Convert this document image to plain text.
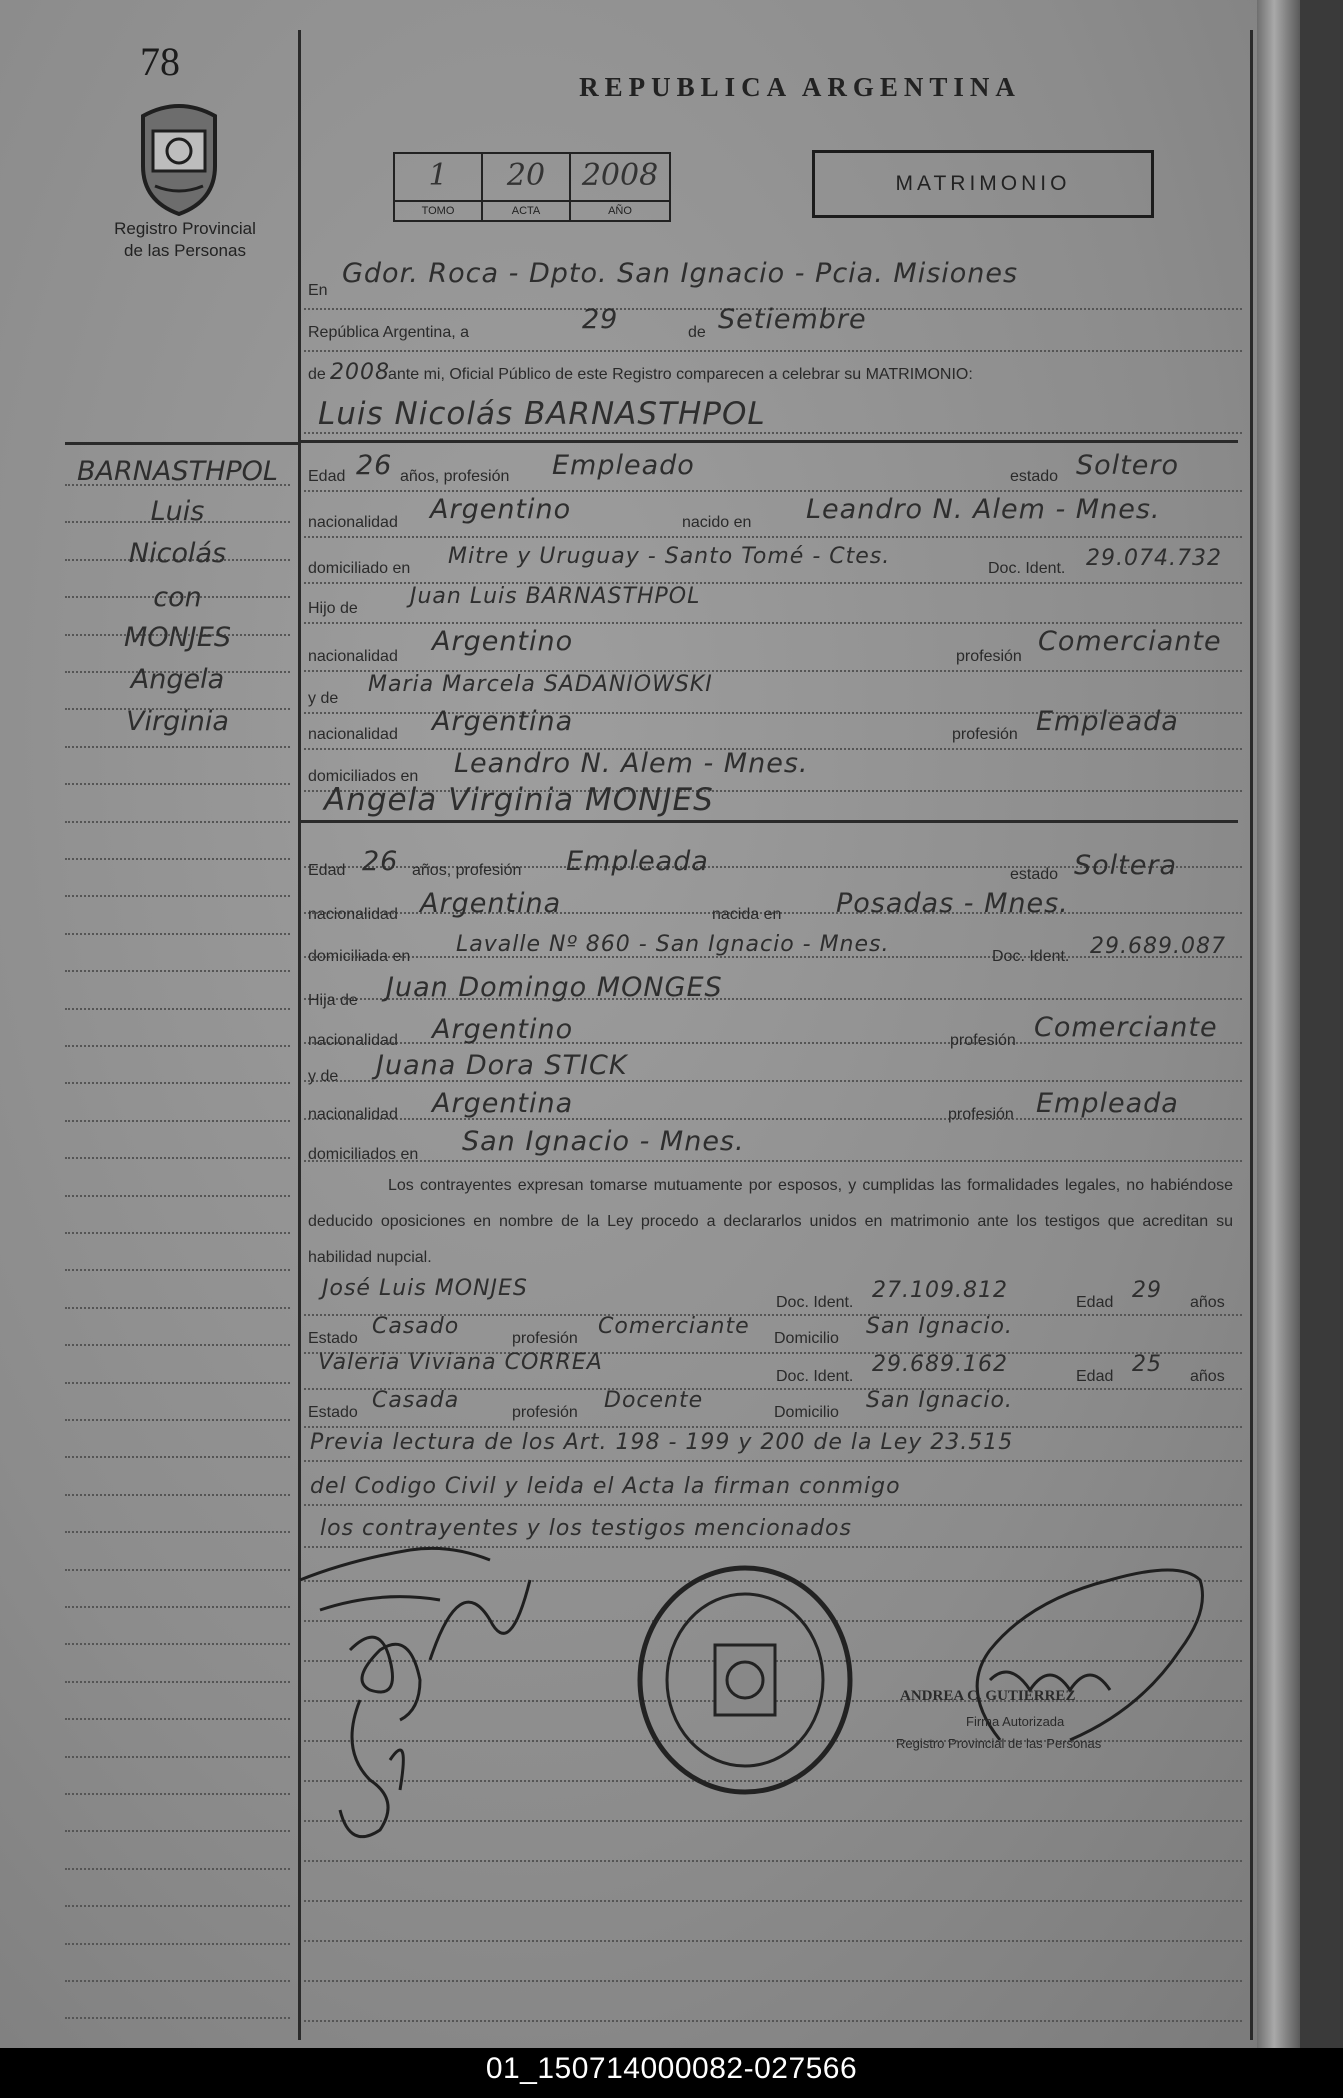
78
Registro Provincial
de las Personas
REPUBLICA ARGENTINA
1
TOMO
20
ACTA
2008
AÑO
MATRIMONIO
En
Gdor. Roca - Dpto. San Ignacio - Pcia. Misiones
República Argentina, a	29	de Setiembre
de 2008
ante mi, Oficial Público de este Registro comparecen a celebrar su MATRIMONIO:
Luis Nicolás BARNASTHPOL
Edad 26 años, profesión Empleado	estado Soltero
nacionalidad Argentino	nacido en Leandro N. Alem - Mnes.
domiciliado en Mitre y Uruguay - Santo Tomé - Ctes.	Doc. Ident. 29.074.732
Hijo de Juan Luis BARNASTHPOL
nacionalidad Argentino	profesión Comerciante
y de
Maria Marcela SADANIOWSKI
nacionalidad Argentina	profesión Empleada
domiciliados en Leandro N. Alem - Mnes.
Angela Virginia MONJES
Edad 26 años, profesión Empleada	estado Soltera
nacionalidad Argentina	nacida en Posadas - Mnes.
domiciliada en Lavalle Nº 860 - San Ignacio - Mnes.	Doc. Ident. 29.689.087
Hija de Juan Domingo MONGES
nacionalidad Argentino	profesión Comerciante
y de Juana Dora STICK
nacionalidad Argentina	profesión Empleada
domiciliados en San Ignacio - Mnes.
Los contrayentes expresan tomarse mutuamente por esposos, y cumplidas las formalidades legales, no habiéndose deducido oposiciones en nombre de la Ley procedo a declararlos unidos en matrimonio ante los testigos que acreditan su habilidad nupcial.
José Luis MONJES
Doc. Ident. 27.109.812	Edad 29 años
Estado Casado	profesión Comerciante Domicilio San Ignacio.
Valeria Viviana CORREA
Doc. Ident. 29.689.162	Edad 25 años
Estado Casada	profesión Docente	Domicilio San Ignacio.
Previa lectura de los Art. 198 - 199 y 200 de la Ley 23.515
del Codigo Civil y leida el Acta la firman conmigo
los contrayentes y los testigos mencionados
BARNASTHPOL
Luis
Nicolás
con
MONJES
Angela
Virginia
ANDREA C. GUTIERREZ
Firma Autorizada
Registro Provincial de las Personas
01_150714000082-027566
